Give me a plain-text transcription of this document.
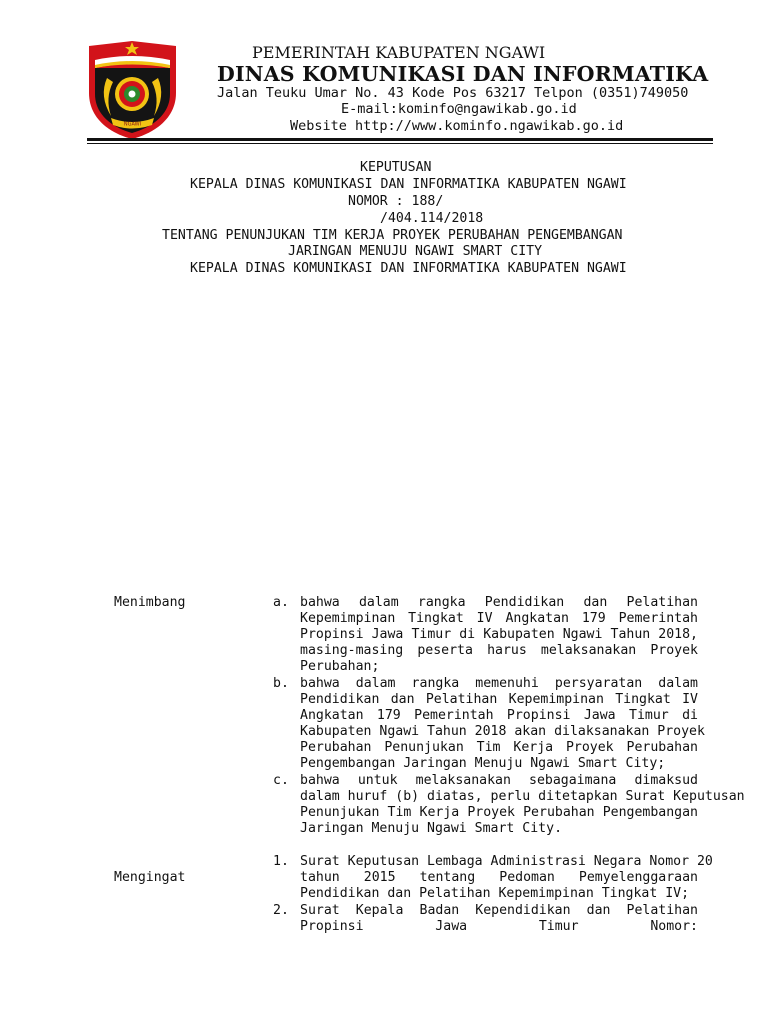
NGAWI
PEMERINTAH KABUPATEN NGAWI
DINAS KOMUNIKASI DAN INFORMATIKA
Jalan Teuku Umar No. 43 Kode Pos 63217 Telpon (0351)749050
E-mail:kominfo@ngawikab.go.id
Website http://www.kominfo.ngawikab.go.id
KEPUTUSAN
KEPALA DINAS KOMUNIKASI DAN INFORMATIKA KABUPATEN NGAWI
NOMOR : 188/
/404.114/2018
TENTANG PENUNJUKAN TIM KERJA PROYEK PERUBAHAN PENGEMBANGAN
JARINGAN MENUJU NGAWI SMART CITY
KEPALA DINAS KOMUNIKASI DAN INFORMATIKA KABUPATEN NGAWI
Menimbang	a. bahwa dalam rangka Pendidikan dan Pelatihan
Kepemimpinan Tingkat IV Angkatan 179 Pemerintah
Propinsi Jawa Timur di Kabupaten Ngawi Tahun 2018,
masing-masing peserta harus melaksanakan Proyek
Perubahan;
b. bahwa dalam rangka memenuhi persyaratan dalam
Pendidikan dan Pelatihan Kepemimpinan Tingkat IV
Angkatan 179 Pemerintah Propinsi Jawa Timur di
Kabupaten Ngawi Tahun 2018 akan dilaksanakan Proyek
Perubahan Penunjukan Tim Kerja Proyek Perubahan
Pengembangan Jaringan Menuju Ngawi Smart City;
c. bahwa untuk melaksanakan sebagaimana dimaksud
dalam huruf (b) diatas, perlu ditetapkan Surat Keputusan
Penunjukan Tim Kerja Proyek Perubahan Pengembangan
Jaringan Menuju Ngawi Smart City.
Mengingat
1. Surat Keputusan Lembaga Administrasi Negara Nomor 20
tahun 2015 tentang Pedoman Pemyelenggaraan
Pendidikan dan Pelatihan Kepemimpinan Tingkat IV;
2. Surat Kepala Badan Kependidikan dan Pelatihan
Propinsi Jawa Timur Nomor:
